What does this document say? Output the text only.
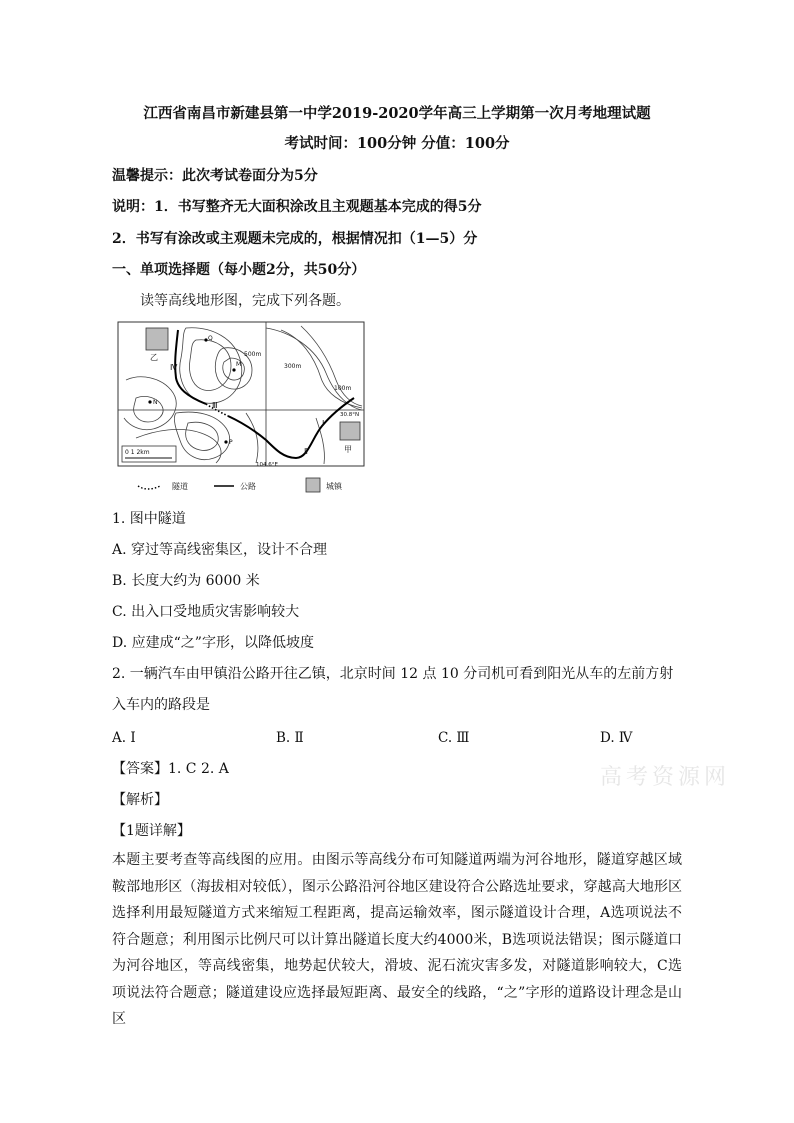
江西省南昌市新建县第一中学2019-2020学年高三上学期第一次月考地理试题
考试时间：100分钟 分值：100分
温馨提示：此次考试卷面分为5分
说明：1．书写整齐无大面积涂改且主观题基本完成的得5分
2．书写有涂改或主观题未完成的，根据情况扣（1—5）分
一、单项选择题（每小题2分，共50分）
读等高线地形图，完成下列各题。
乙
甲
Q
M
N
P
Ⅰ
Ⅱ
Ⅲ
Ⅳ
500m
300m
100m
30.8°N
104.6°E
0 1 2km
隧道	公路	城镇
1. 图中隧道
A. 穿过等高线密集区，设计不合理
B. 长度大约为 6000 米
C. 出入口受地质灾害影响较大
D. 应建成“之”字形，以降低坡度
2. 一辆汽车由甲镇沿公路开往乙镇，北京时间 12 点 10 分司机可看到阳光从车的左前方射
入车内的路段是
A. Ⅰ	B. Ⅱ	C. Ⅲ	D. Ⅳ
高考资源网
【答案】1. C 2. A
【解析】
【1题详解】
本题主要考查等高线图的应用。由图示等高线分布可知隧道两端为河谷地形，隧道穿越区域鞍部地形区（海拔相对较低），图示公路沿河谷地区建设符合公路选址要求，穿越高大地形区选择利用最短隧道方式来缩短工程距离，提高运输效率，图示隧道设计合理，A选项说法不符合题意；利用图示比例尺可以计算出隧道长度大约4000米，B选项说法错误；图示隧道口为河谷地区，等高线密集，地势起伏较大，滑坡、泥石流灾害多发，对隧道影响较大，C选项说法符合题意；隧道建设应选择最短距离、最安全的线路，“之”字形的道路设计理念是山区
